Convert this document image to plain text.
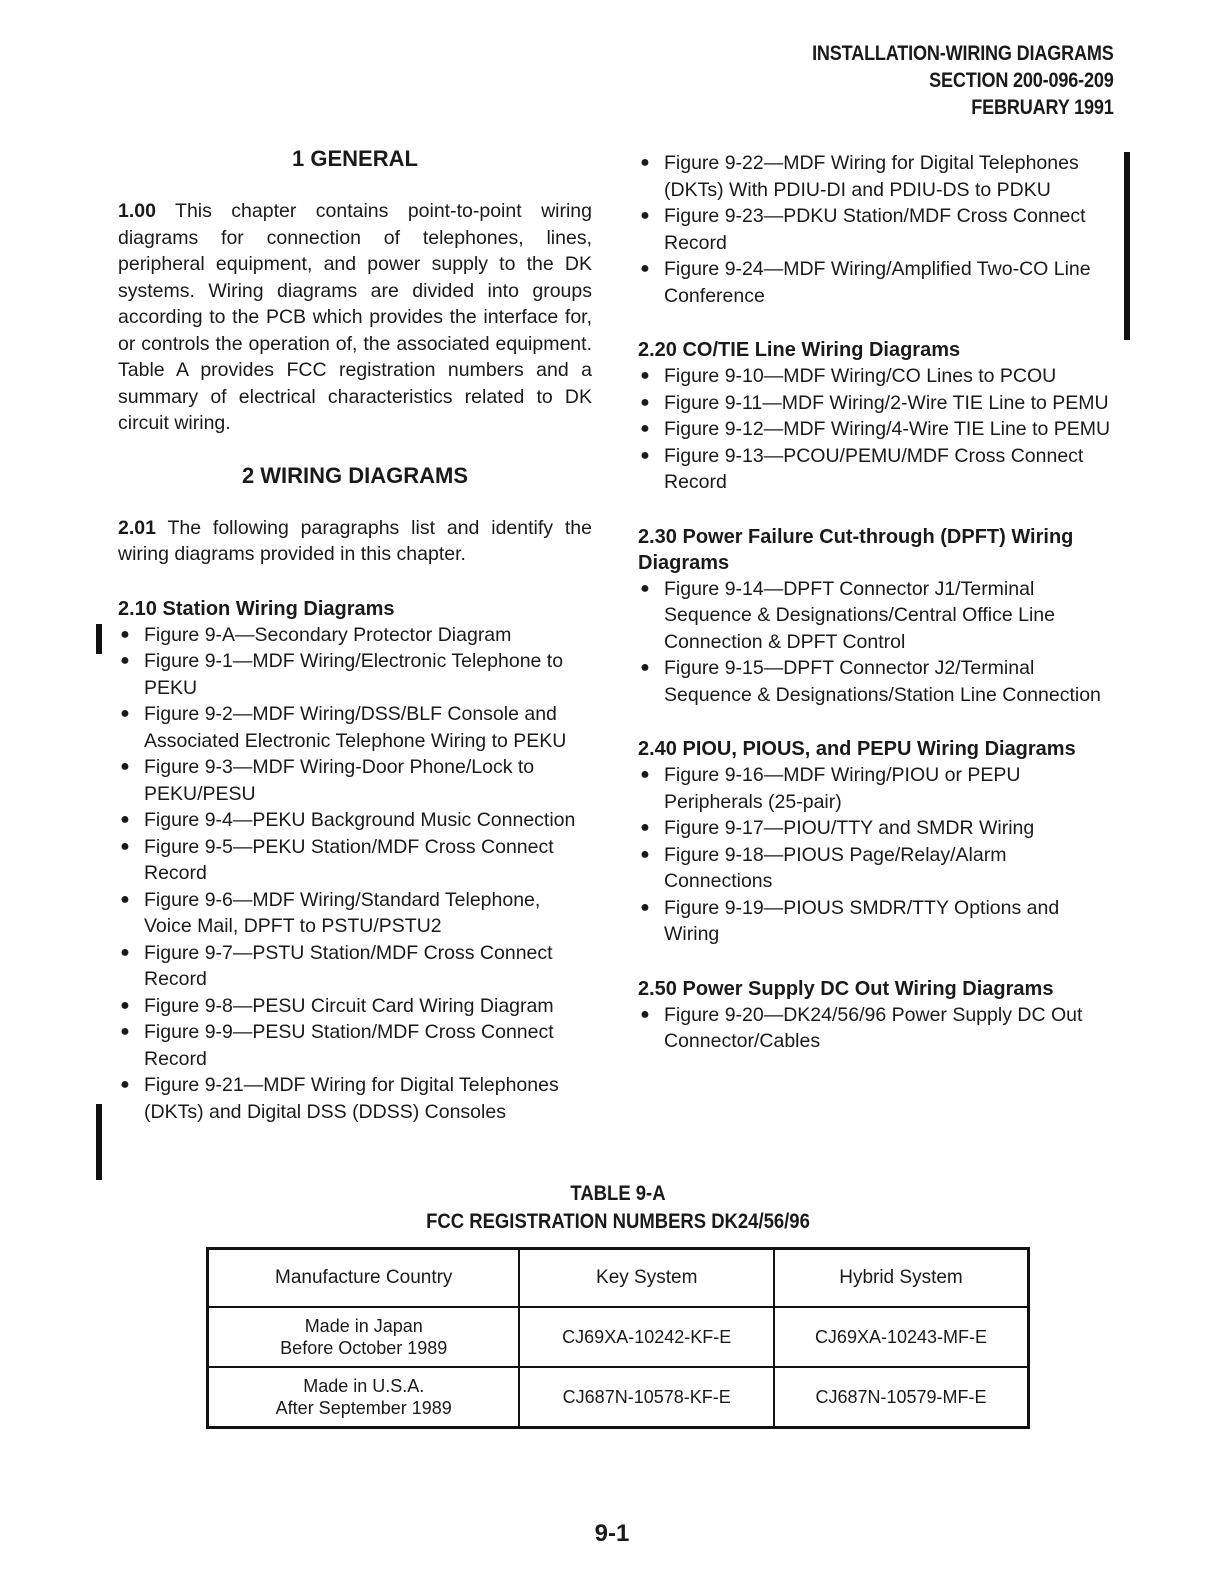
INSTALLATION-WIRING DIAGRAMS
SECTION 200-096-209
FEBRUARY 1991
1 GENERAL

1.00 This chapter contains point-to-point wiring diagrams for connection of telephones, lines, peripheral equipment, and power supply to the DK systems. Wiring diagrams are divided into groups according to the PCB which provides the interface for, or controls the operation of, the associated equipment. Table A provides FCC registration numbers and a summary of electrical characteristics related to DK circuit wiring.

2 WIRING DIAGRAMS

2.01 The following paragraphs list and identify the wiring diagrams provided in this chapter.

2.10 Station Wiring Diagrams
● Figure 9-A—Secondary Protector Diagram
● Figure 9-1—MDF Wiring/Electronic Telephone to PEKU
● Figure 9-2—MDF Wiring/DSS/BLF Console and Associated Electronic Telephone Wiring to PEKU
● Figure 9-3—MDF Wiring-Door Phone/Lock to PEKU/PESU
● Figure 9-4—PEKU Background Music Connection
● Figure 9-5—PEKU Station/MDF Cross Connect Record
● Figure 9-6—MDF Wiring/Standard Telephone, Voice Mail, DPFT to PSTU/PSTU2
● Figure 9-7—PSTU Station/MDF Cross Connect Record
● Figure 9-8—PESU Circuit Card Wiring Diagram
● Figure 9-9—PESU Station/MDF Cross Connect Record
● Figure 9-21—MDF Wiring for Digital Telephones (DKTs) and Digital DSS (DDSS) Consoles
● Figure 9-22—MDF Wiring for Digital Telephones (DKTs) With PDIU-DI and PDIU-DS to PDKU
● Figure 9-23—PDKU Station/MDF Cross Connect Record
● Figure 9-24—MDF Wiring/Amplified Two-CO Line Conference
2.20 CO/TIE Line Wiring Diagrams
● Figure 9-10—MDF Wiring/CO Lines to PCOU
● Figure 9-11—MDF Wiring/2-Wire TIE Line to PEMU
● Figure 9-12—MDF Wiring/4-Wire TIE Line to PEMU
● Figure 9-13—PCOU/PEMU/MDF Cross Connect Record
2.30 Power Failure Cut-through (DPFT) Wiring Diagrams
● Figure 9-14—DPFT Connector J1/Terminal Sequence & Designations/Central Office Line Connection & DPFT Control
● Figure 9-15—DPFT Connector J2/Terminal Sequence & Designations/Station Line Connection
2.40 PIOU, PIOUS, and PEPU Wiring Diagrams
● Figure 9-16—MDF Wiring/PIOU or PEPU Peripherals (25-pair)
● Figure 9-17—PIOU/TTY and SMDR Wiring
● Figure 9-18—PIOUS Page/Relay/Alarm Connections
● Figure 9-19—PIOUS SMDR/TTY Options and Wiring
2.50 Power Supply DC Out Wiring Diagrams
● Figure 9-20—DK24/56/96 Power Supply DC Out Connector/Cables
TABLE 9-A
FCC REGISTRATION NUMBERS DK24/56/96
Manufacture Country	Key System	Hybrid System

Made in Japan
Before October 1989	CJ69XA-10242-KF-E	CJ69XA-10243-MF-E

Made in U.S.A.
After September 1989	CJ687N-10578-KF-E	CJ687N-10579-MF-E
9-1
